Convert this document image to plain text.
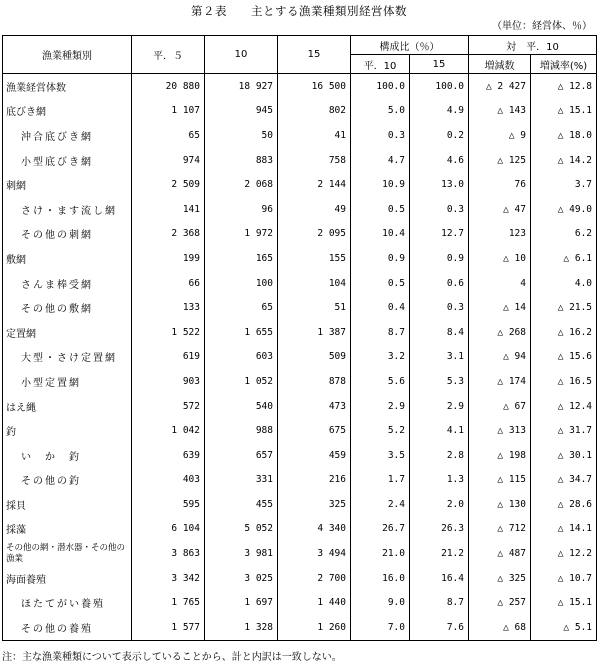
第２表　　主とする漁業種類別経営体数
（単位：経営体、％）
漁業種類別	平．５	10	15	構成比（％）		対　平．10	
				平．10	15	増減数	増減率(%)
漁業経営体数	20 880	18 927	16 500	100.0	100.0	△ 2 427	△ 12.8
底びき網	1 107	945	802	5.0	4.9	△ 143	△ 15.1
沖合底びき網	65	50	41	0.3	0.2	△ 9	△ 18.0
小型底びき網	974	883	758	4.7	4.6	△ 125	△ 14.2
刺網	2 509	2 068	2 144	10.9	13.0	76	3.7
さけ・ます流し網	141	96	49	0.5	0.3	△ 47	△ 49.0
その他の刺網	2 368	1 972	2 095	10.4	12.7	123	6.2
敷網	199	165	155	0.9	0.9	△ 10	△ 6.1
さんま棒受網	66	100	104	0.5	0.6	4	4.0
その他の敷網	133	65	51	0.4	0.3	△ 14	△ 21.5
定置網	1 522	1 655	1 387	8.7	8.4	△ 268	△ 16.2
大型・さけ定置網	619	603	509	3.2	3.1	△ 94	△ 15.6
小型定置網	903	1 052	878	5.6	5.3	△ 174	△ 16.5
はえ縄	572	540	473	2.9	2.9	△ 67	△ 12.4
釣	1 042	988	675	5.2	4.1	△ 313	△ 31.7
い　か　釣	639	657	459	3.5	2.8	△ 198	△ 30.1
その他の釣	403	331	216	1.7	1.3	△ 115	△ 34.7
採貝	595	455	325	2.4	2.0	△ 130	△ 28.6
採藻	6 104	5 052	4 340	26.7	26.3	△ 712	△ 14.1
その他の網・潜水器・その他の漁業	3 863	3 981	3 494	21.0	21.2	△ 487	△ 12.2
海面養殖	3 342	3 025	2 700	16.0	16.4	△ 325	△ 10.7
ほたてがい養殖	1 765	1 697	1 440	9.0	8.7	△ 257	△ 15.1
その他の養殖	1 577	1 328	1 260	7.0	7.6	△ 68	△ 5.1
注：主な漁業種類について表示していることから、計と内訳は一致しない。
